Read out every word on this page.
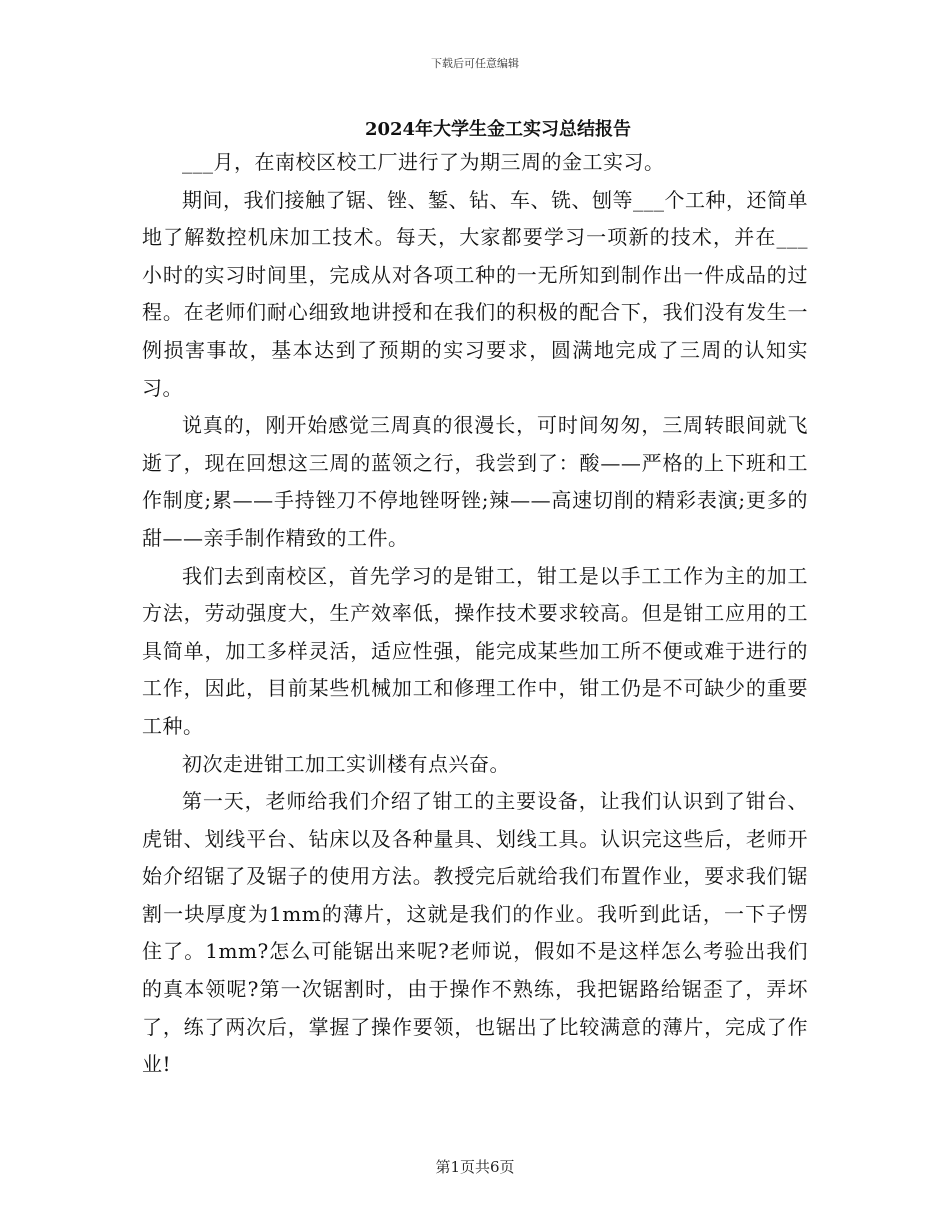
下载后可任意编辑
2024年大学生金工实习总结报告

___月，在南校区校工厂进行了为期三周的金工实习。

期间，我们接触了锯、锉、錾、钻、车、铣、刨等___个工种，还简单地了解数控机床加工技术。每天，大家都要学习一项新的技术，并在___小时的实习时间里，完成从对各项工种的一无所知到制作出一件成品的过程。在老师们耐心细致地讲授和在我们的积极的配合下，我们没有发生一例损害事故，基本达到了预期的实习要求，圆满地完成了三周的认知实习。

说真的，刚开始感觉三周真的很漫长，可时间匆匆，三周转眼间就飞逝了，现在回想这三周的蓝领之行，我尝到了：酸——严格的上下班和工作制度;累——手持锉刀不停地锉呀锉;辣——高速切削的精彩表演;更多的甜——亲手制作精致的工件。

我们去到南校区，首先学习的是钳工，钳工是以手工工作为主的加工方法，劳动强度大，生产效率低，操作技术要求较高。但是钳工应用的工具简单，加工多样灵活，适应性强，能完成某些加工所不便或难于进行的工作，因此，目前某些机械加工和修理工作中，钳工仍是不可缺少的重要工种。

初次走进钳工加工实训楼有点兴奋。

第一天，老师给我们介绍了钳工的主要设备，让我们认识到了钳台、虎钳、划线平台、钻床以及各种量具、划线工具。认识完这些后，老师开始介绍锯了及锯子的使用方法。教授完后就给我们布置作业，要求我们锯割一块厚度为1mm的薄片，这就是我们的作业。我听到此话，一下子愣住了。1mm?怎么可能锯出来呢?老师说，假如不是这样怎么考验出我们的真本领呢?第一次锯割时，由于操作不熟练，我把锯路给锯歪了，弄坏了，练了两次后，掌握了操作要领，也锯出了比较满意的薄片，完成了作业!

第1页共6页
